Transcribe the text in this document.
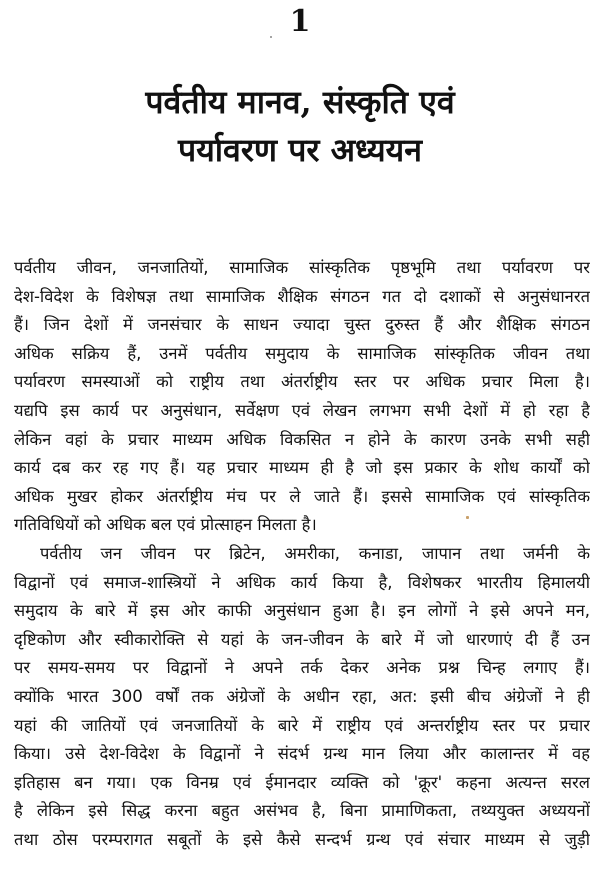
1
पर्वतीय मानव, संस्कृति एवं
पर्यावरण पर अध्ययन
पर्वतीय जीवन, जनजातियों, सामाजिक सांस्कृतिक पृष्ठभूमि तथा पर्यावरण पर
देश-विदेश के विशेषज्ञ तथा सामाजिक शैक्षिक संगठन गत दो दशाकों से अनुसंधानरत
हैं। जिन देशों में जनसंचार के साधन ज्यादा चुस्त दुरुस्त हैं और शैक्षिक संगठन
अधिक सक्रिय हैं, उनमें पर्वतीय समुदाय के सामाजिक सांस्कृतिक जीवन तथा
पर्यावरण समस्याओं को राष्ट्रीय तथा अंतर्राष्ट्रीय स्तर पर अधिक प्रचार मिला है।
यद्यपि इस कार्य पर अनुसंधान, सर्वेक्षण एवं लेखन लगभग सभी देशों में हो रहा है
लेकिन वहां के प्रचार माध्यम अधिक विकसित न होने के कारण उनके सभी सही
कार्य दब कर रह गए हैं। यह प्रचार माध्यम ही है जो इस प्रकार के शोध कार्यों को
अधिक मुखर होकर अंतर्राष्ट्रीय मंच पर ले जाते हैं। इससे सामाजिक एवं सांस्कृतिक
गतिविधियों को अधिक बल एवं प्रोत्साहन मिलता है।
पर्वतीय जन जीवन पर ब्रिटेन, अमरीका, कनाडा, जापान तथा जर्मनी के
विद्वानों एवं समाज-शास्त्रियों ने अधिक कार्य किया है, विशेषकर भारतीय हिमालयी
समुदाय के बारे में इस ओर काफी अनुसंधान हुआ है। इन लोगों ने इसे अपने मन,
दृष्टिकोण और स्वीकारोक्ति से यहां के जन-जीवन के बारे में जो धारणाएं दी हैं उन
पर समय-समय पर विद्वानों ने अपने तर्क देकर अनेक प्रश्न चिन्ह लगाए हैं।
क्योंकि भारत 300 वर्षों तक अंग्रेजों के अधीन रहा, अत: इसी बीच अंग्रेजों ने ही
यहां की जातियों एवं जनजातियों के बारे में राष्ट्रीय एवं अन्तर्राष्ट्रीय स्तर पर प्रचार
किया। उसे देश-विदेश के विद्वानों ने संदर्भ ग्रन्थ मान लिया और कालान्तर में वह
इतिहास बन गया। एक विनम्र एवं ईमानदार व्यक्ति को 'क्रूर' कहना अत्यन्त सरल
है लेकिन इसे सिद्ध करना बहुत असंभव है, बिना प्रामाणिकता, तथ्ययुक्त अध्ययनों
तथा ठोस परम्परागत सबूतों के इसे कैसे सन्दर्भ ग्रन्थ एवं संचार माध्यम से जुड़ी
